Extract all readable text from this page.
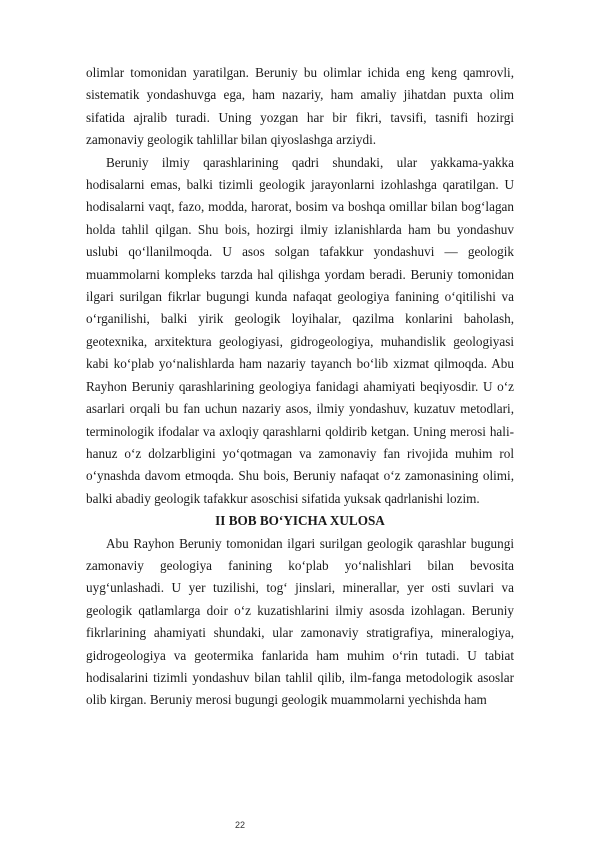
olimlar tomonidan yaratilgan. Beruniy bu olimlar ichida eng keng qamrovli, sistematik yondashuvga ega, ham nazariy, ham amaliy jihatdan puxta olim sifatida ajralib turadi. Uning yozgan har bir fikri, tavsifi, tasnifi hozirgi zamonaviy geologik tahlillar bilan qiyoslashga arziydi.

Beruniy ilmiy qarashlarining qadri shundaki, ular yakkama-yakka hodisalarni emas, balki tizimli geologik jarayonlarni izohlashga qaratilgan. U hodisalarni vaqt, fazo, modda, harorat, bosim va boshqa omillar bilan bog‘lagan holda tahlil qilgan. Shu bois, hozirgi ilmiy izlanishlarda ham bu yondashuv uslubi qo‘llanilmoqda. U asos solgan tafakkur yondashuvi — geologik muammolarni kompleks tarzda hal qilishga yordam beradi. Beruniy tomonidan ilgari surilgan fikrlar bugungi kunda nafaqat geologiya fanining o‘qitilishi va o‘rganilishi, balki yirik geologik loyihalar, qazilma konlarini baholash, geotexnika, arxitektura geologiyasi, gidrogeologiya, muhandislik geologiyasi kabi ko‘plab yo‘nalishlarda ham nazariy tayanch bo‘lib xizmat qilmoqda. Abu Rayhon Beruniy qarashlarining geologiya fanidagi ahamiyati beqiyosdir. U o‘z asarlari orqali bu fan uchun nazariy asos, ilmiy yondashuv, kuzatuv metodlari, terminologik ifodalar va axloqiy qarashlarni qoldirib ketgan. Uning merosi hali-hanuz o‘z dolzarbligini yo‘qotmagan va zamonaviy fan rivojida muhim rol o‘ynashda davom etmoqda. Shu bois, Beruniy nafaqat o‘z zamonasining olimi, balki abadiy geologik tafakkur asoschisi sifatida yuksak qadrlanishi lozim.

II BOB BO‘YICHA XULOSA

Abu Rayhon Beruniy tomonidan ilgari surilgan geologik qarashlar bugungi zamonaviy geologiya fanining ko‘plab yo‘nalishlari bilan bevosita uyg‘unlashadi. U yer tuzilishi, tog‘ jinslari, minerallar, yer osti suvlari va geologik qatlamlarga doir o‘z kuzatishlarini ilmiy asosda izohlagan. Beruniy fikrlarining ahamiyati shundaki, ular zamonaviy stratigrafiya, mineralogiya, gidrogeologiya va geotermika fanlarida ham muhim o‘rin tutadi. U tabiat hodisalarini tizimli yondashuv bilan tahlil qilib, ilm-fanga metodologik asoslar olib kirgan. Beruniy merosi bugungi geologik muammolarni yechishda ham

22
